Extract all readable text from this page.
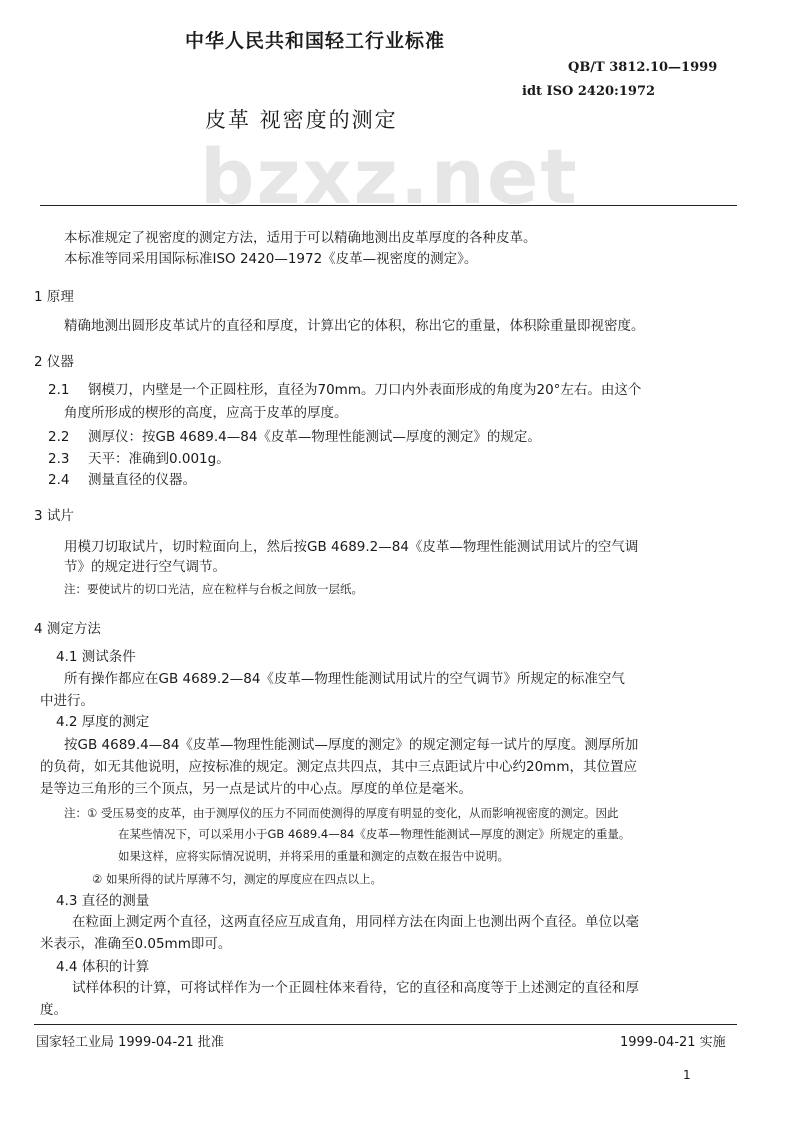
中华人民共和国轻工行业标准
QB/T 3812.10—1999
idt ISO 2420:1972
皮革 视密度的测定
bzxz.net
本标准规定了视密度的测定方法，适用于可以精确地测出皮革厚度的各种皮革。
本标准等同采用国际标准ISO 2420—1972《皮革—视密度的测定》。
1 原理
精确地测出圆形皮革试片的直径和厚度，计算出它的体积，称出它的重量，体积除重量即视密度。
2 仪器
2.1 钢模刀，内壁是一个正圆柱形，直径为70mm。刀口内外表面形成的角度为20°左右。由这个
角度所形成的楔形的高度，应高于皮革的厚度。
2.2 测厚仪：按GB 4689.4—84《皮革—物理性能测试—厚度的测定》的规定。
2.3 天平：准确到0.001g。
2.4 测量直径的仪器。
3 试片
用模刀切取试片，切时粒面向上，然后按GB 4689.2—84《皮革—物理性能测试用试片的空气调
节》的规定进行空气调节。
注：要使试片的切口光洁，应在粒样与台板之间放一层纸。
4 测定方法
4.1 测试条件
所有操作都应在GB 4689.2—84《皮革—物理性能测试用试片的空气调节》所规定的标准空气
中进行。
4.2 厚度的测定
按GB 4689.4—84《皮革—物理性能测试—厚度的测定》的规定测定每一试片的厚度。测厚所加
的负荷，如无其他说明，应按标准的规定。测定点共四点，其中三点距试片中心约20mm，其位置应
是等边三角形的三个顶点，另一点是试片的中心点。厚度的单位是毫米。
注：① 受压易变的皮革，由于测厚仪的压力不同而使测得的厚度有明显的变化，从而影响视密度的测定。因此
在某些情况下，可以采用小于GB 4689.4—84《皮革—物理性能测试—厚度的测定》所规定的重量。
如果这样，应将实际情况说明，并将采用的重量和测定的点数在报告中说明。
② 如果所得的试片厚薄不匀，测定的厚度应在四点以上。
4.3 直径的测量
在粒面上测定两个直径，这两直径应互成直角，用同样方法在肉面上也测出两个直径。单位以毫
米表示，准确至0.05mm即可。
4.4 体积的计算
试样体积的计算，可将试样作为一个正圆柱体来看待，它的直径和高度等于上述测定的直径和厚
度。
国家轻工业局 1999-04-21 批准	1999-04-21 实施
1
